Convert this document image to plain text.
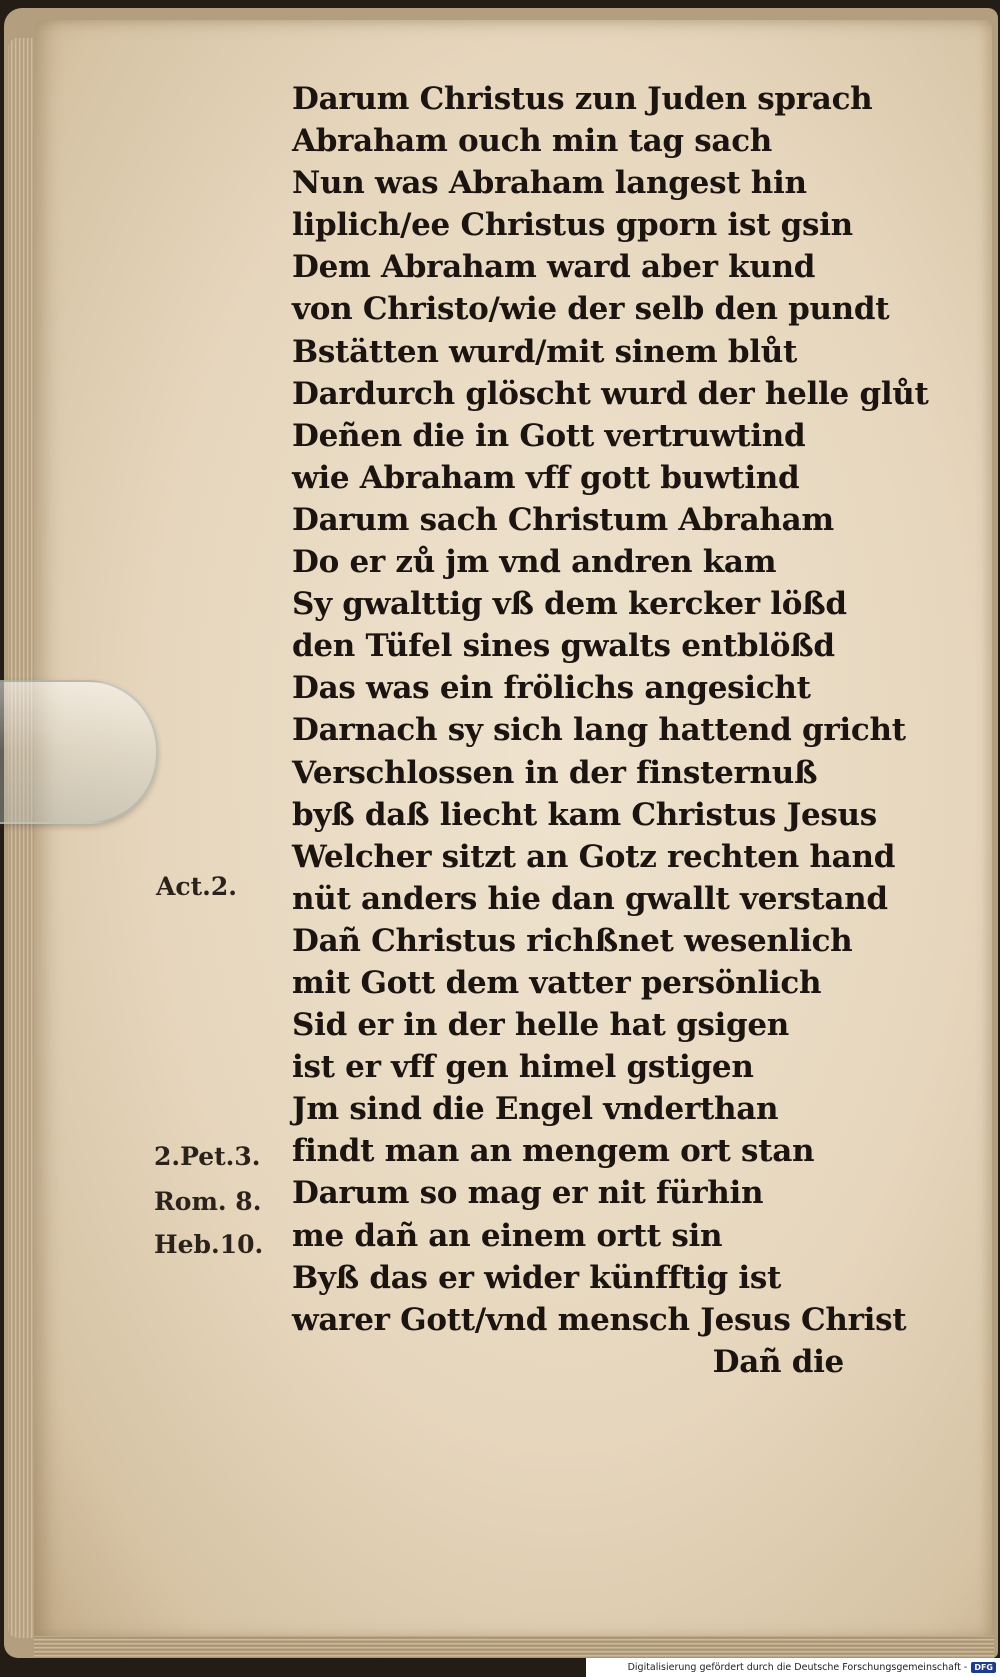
Darum Christus zun Juden sprach
Abraham ouch min tag sach
Nun was Abraham langest hin
liplich/ee Christus gporn ist gsin
Dem Abraham ward aber kund
von Christo/wie der selb den pundt
Bstätten wurd/mit sinem blůt
Dardurch glöscht wurd der helle glůt
Deñen die in Gott vertruwtind
wie Abraham vff gott buwtind
Darum sach Christum Abraham
Do er zů jm vnd andren kam
Sy gwalttig vß dem kercker lößd
den Tüfel sines gwalts entblößd
Das was ein frölichs angesicht
Darnach sy sich lang hattend gricht
Verschlossen in der finsternuß
byß daß liecht kam Christus Jesus
Welcher sitzt an Gotz rechten hand
nüt anders hie dan gwallt verstand
Dañ Christus richßnet wesenlich
mit Gott dem vatter persönlich
Sid er in der helle hat gsigen
ist er vff gen himel gstigen
Jm sind die Engel vnderthan
findt man an mengem ort stan
Darum so mag er nit fürhin
me dañ an einem ortt sin
Byß das er wider künfftig ist
warer Gott/vnd mensch Jesus Christ
Dañ die
Act.2.
2.Pet.3.
Rom. 8.
Heb.10.
Digitalisierung gefördert durch die Deutsche Forschungsgemeinschaft - DFG
